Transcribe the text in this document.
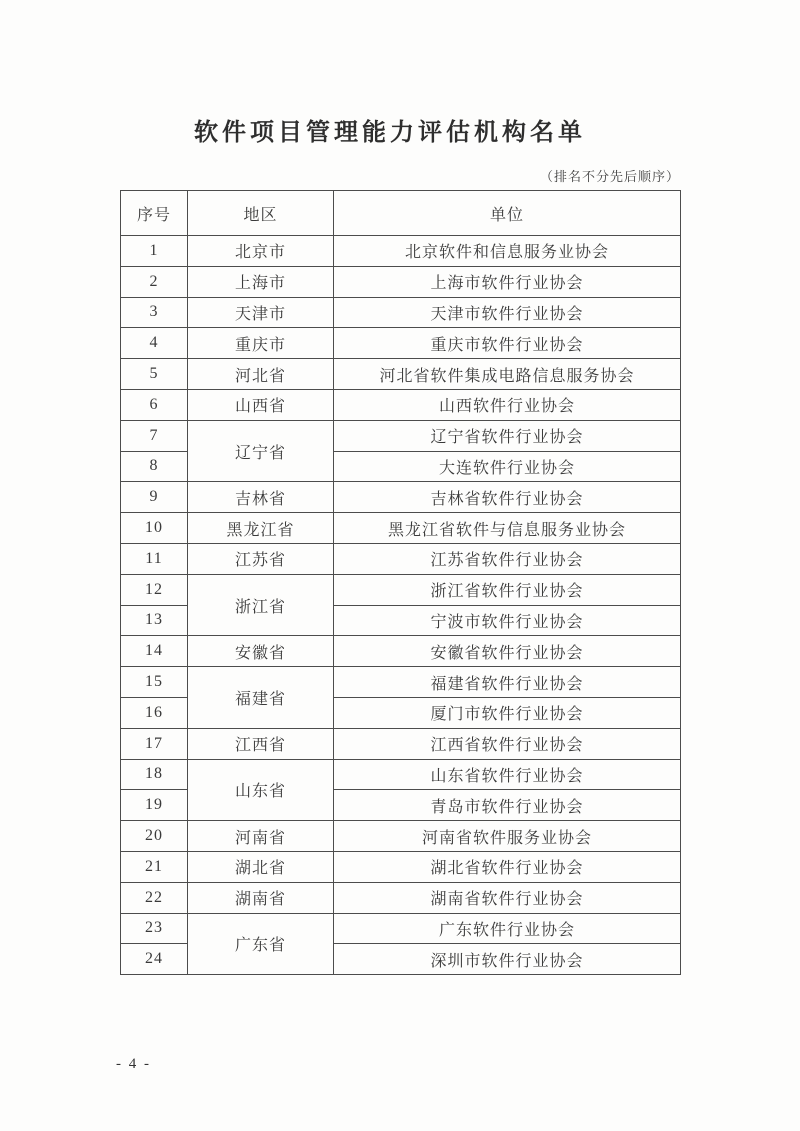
软件项目管理能力评估机构名单
（排名不分先后顺序）
序号	地区	单位
1	北京市	北京软件和信息服务业协会
2	上海市	上海市软件行业协会
3	天津市	天津市软件行业协会
4	重庆市	重庆市软件行业协会
5	河北省	河北省软件集成电路信息服务协会
6	山西省	山西软件行业协会
7	辽宁省	辽宁省软件行业协会
8		大连软件行业协会
9	吉林省	吉林省软件行业协会
10	黑龙江省	黑龙江省软件与信息服务业协会
11	江苏省	江苏省软件行业协会
12	浙江省	浙江省软件行业协会
13		宁波市软件行业协会
14	安徽省	安徽省软件行业协会
15	福建省	福建省软件行业协会
16		厦门市软件行业协会
17	江西省	江西省软件行业协会
18	山东省	山东省软件行业协会
19		青岛市软件行业协会
20	河南省	河南省软件服务业协会
21	湖北省	湖北省软件行业协会
22	湖南省	湖南省软件行业协会
23	广东省	广东软件行业协会
24		深圳市软件行业协会
- 4 -
